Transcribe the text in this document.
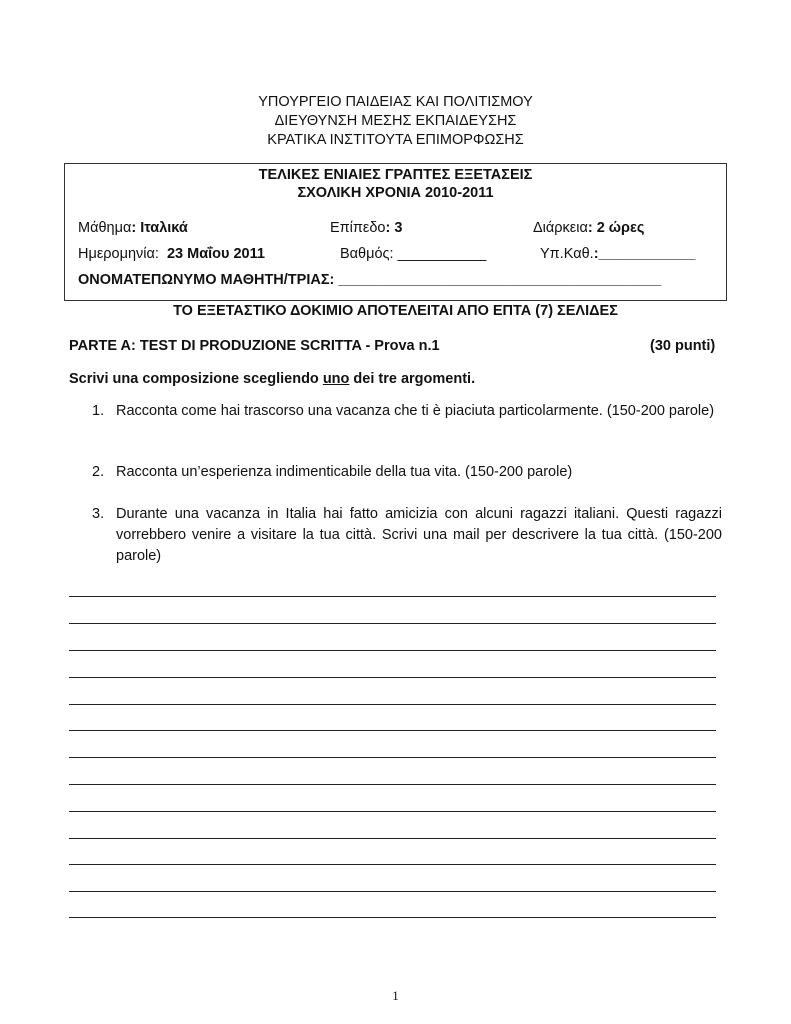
ΥΠΟΥΡΓΕΙΟ ΠΑΙΔΕΙΑΣ ΚΑΙ ΠΟΛΙΤΙΣΜΟΥ
ΔΙΕΥΘΥΝΣΗ ΜΕΣΗΣ ΕΚΠΑΙΔΕΥΣΗΣ
ΚΡΑΤΙΚΑ ΙΝΣΤΙΤΟΥΤΑ ΕΠΙΜΟΡΦΩΣΗΣ
ΤΕΛΙΚΕΣ ΕΝΙΑΙΕΣ ΓΡΑΠΤΕΣ ΕΞΕΤΑΣΕΙΣ
ΣΧΟΛΙΚΗ ΧΡΟΝΙΑ 2010-2011
Μάθημα: Ιταλικά	Επίπεδο: 3	Διάρκεια: 2 ώρες
Ημερομηνία: 23 Μαΐου 2011	Βαθμός: ___________	Υπ.Καθ.:____________
ΟΝΟΜΑΤΕΠΩΝΥΜΟ ΜΑΘΗΤΗ/ΤΡΙΑΣ: ________________________________________
ΤΟ ΕΞΕΤΑΣΤΙΚΟ ΔΟΚΙΜΙΟ ΑΠΟΤΕΛΕΙΤΑΙ ΑΠΟ ΕΠΤΑ (7) ΣΕΛΙΔΕΣ
PARTE A: TEST DI PRODUZIONE SCRITTA - Prova n.1	(30 punti)
Scrivi una composizione scegliendo uno dei tre argomenti.
1. Racconta come hai trascorso una vacanza che ti è piaciuta particolarmente. (150-200 parole)
2. Racconta un’esperienza indimenticabile della tua vita. (150-200 parole)
3. Durante una vacanza in Italia hai fatto amicizia con alcuni ragazzi italiani. Questi ragazzi vorrebbero venire a visitare la tua città. Scrivi una mail per descrivere la tua città. (150-200 parole)
1
